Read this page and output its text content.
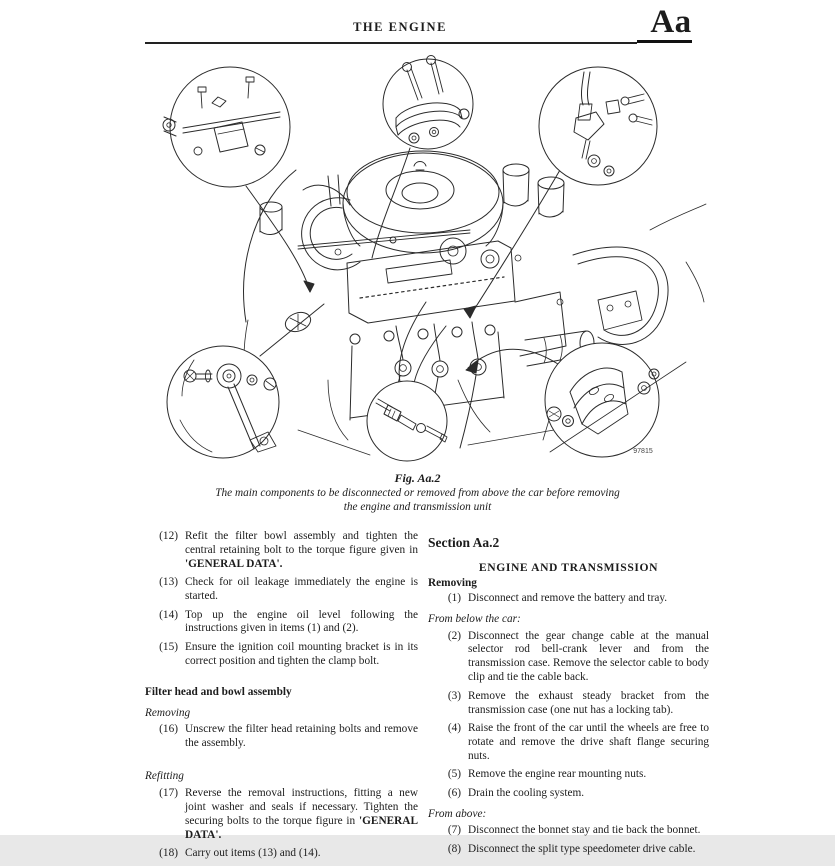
THE ENGINE	Aa
97815
Fig. Aa.2
The main components to be disconnected or removed from above the car before removing
the engine and transmission unit
(12) Refit the filter bowl assembly and tighten the central retaining bolt to the torque figure given in 'GENERAL DATA'.
(13) Check for oil leakage immediately the engine is started.
(14) Top up the engine oil level following the instructions given in items (1) and (2).
(15) Ensure the ignition coil mounting bracket is in its correct position and tighten the clamp bolt.
Filter head and bowl assembly
Removing
(16) Unscrew the filter head retaining bolts and remove the assembly.
Refitting
(17) Reverse the removal instructions, fitting a new joint washer and seals if necessary. Tighten the securing bolts to the torque figure in 'GENERAL DATA'.
(18) Carry out items (13) and (14).
Section Aa.2
ENGINE AND TRANSMISSION
Removing
(1) Disconnect and remove the battery and tray.
From below the car:
(2) Disconnect the gear change cable at the manual selector rod bell-crank lever and from the transmission case. Remove the selector cable to body clip and tie the cable back.
(3) Remove the exhaust steady bracket from the transmission case (one nut has a locking tab).
(4) Raise the front of the car until the wheels are free to rotate and remove the drive shaft flange securing nuts.
(5) Remove the engine rear mounting nuts.
(6) Drain the cooling system.
From above:
(7) Disconnect the bonnet stay and tie back the bonnet.
(8) Disconnect the split type speedometer drive cable.
